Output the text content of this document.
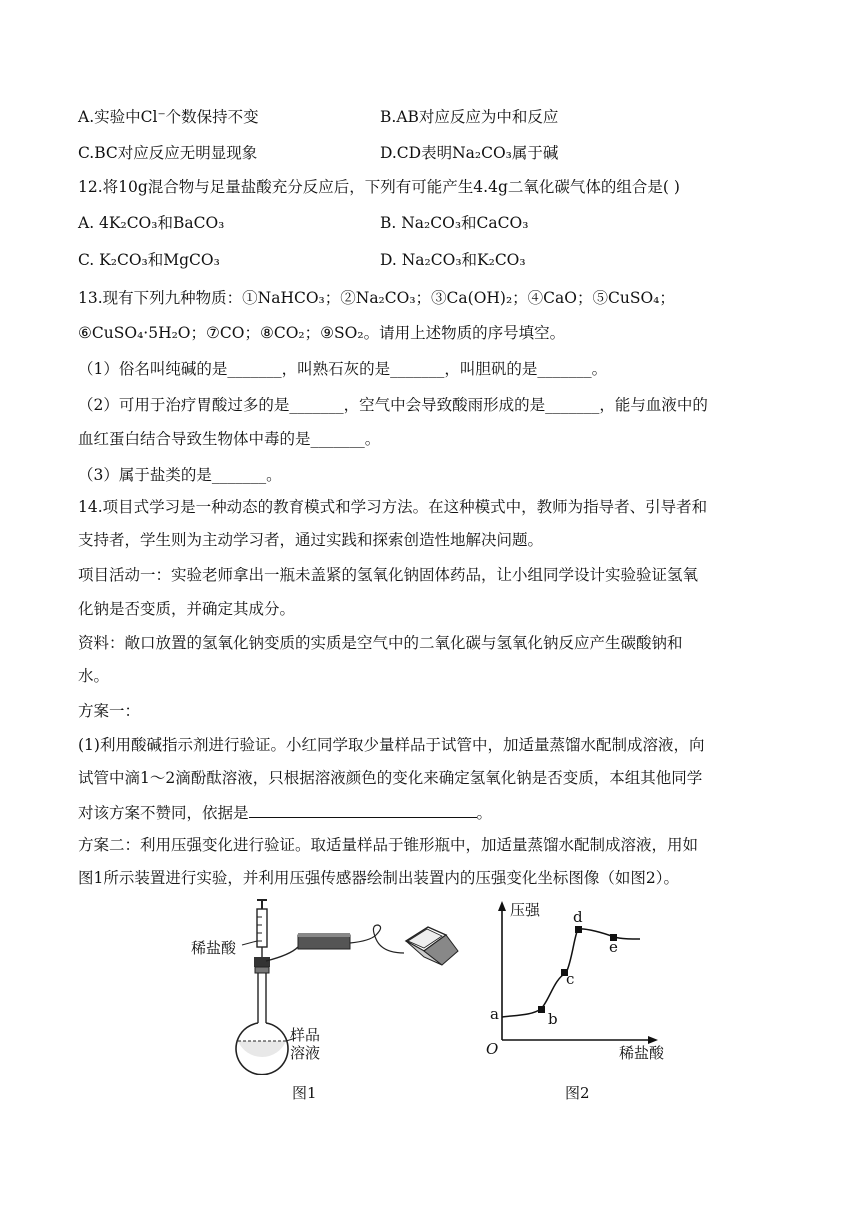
A.实验中Cl⁻个数保持不变	B.AB对应反应为中和反应
C.BC对应反应无明显现象	D.CD表明Na₂CO₃属于碱
12.将10g混合物与足量盐酸充分反应后，下列有可能产生4.4g二氧化碳气体的组合是( )
A. 4K₂CO₃和BaCO₃	B. Na₂CO₃和CaCO₃
C. K₂CO₃和MgCO₃	D. Na₂CO₃和K₂CO₃
13.现有下列九种物质：①NaHCO₃；②Na₂CO₃；③Ca(OH)₂；④CaO；⑤CuSO₄；
⑥CuSO₄·5H₂O；⑦CO；⑧CO₂；⑨SO₂。请用上述物质的序号填空。
（1）俗名叫纯碱的是_______，叫熟石灰的是_______，叫胆矾的是_______。
（2）可用于治疗胃酸过多的是_______，空气中会导致酸雨形成的是_______，能与血液中的
血红蛋白结合导致生物体中毒的是_______。
（3）属于盐类的是_______。
14.项目式学习是一种动态的教育模式和学习方法。在这种模式中，教师为指导者、引导者和
支持者，学生则为主动学习者，通过实践和探索创造性地解决问题。
项目活动一：实验老师拿出一瓶未盖紧的氢氧化钠固体药品，让小组同学设计实验验证氢氧
化钠是否变质，并确定其成分。
资料：敞口放置的氢氧化钠变质的实质是空气中的二氧化碳与氢氧化钠反应产生碳酸钠和
水。
方案一：
(1)利用酸碱指示剂进行验证。小红同学取少量样品于试管中，加适量蒸馏水配制成溶液，向
试管中滴1～2滴酚酞溶液，只根据溶液颜色的变化来确定氢氧化钠是否变质，本组其他同学
对该方案不赞同，依据是	。
方案二：利用压强变化进行验证。取适量样品于锥形瓶中，加适量蒸馏水配制成溶液，用如
图1所示装置进行实验，并利用压强传感器绘制出装置内的压强变化坐标图像（如图2）。
稀盐酸
样品
溶液
图1
压强
稀盐酸
O
a	b
c
d
e
图2
